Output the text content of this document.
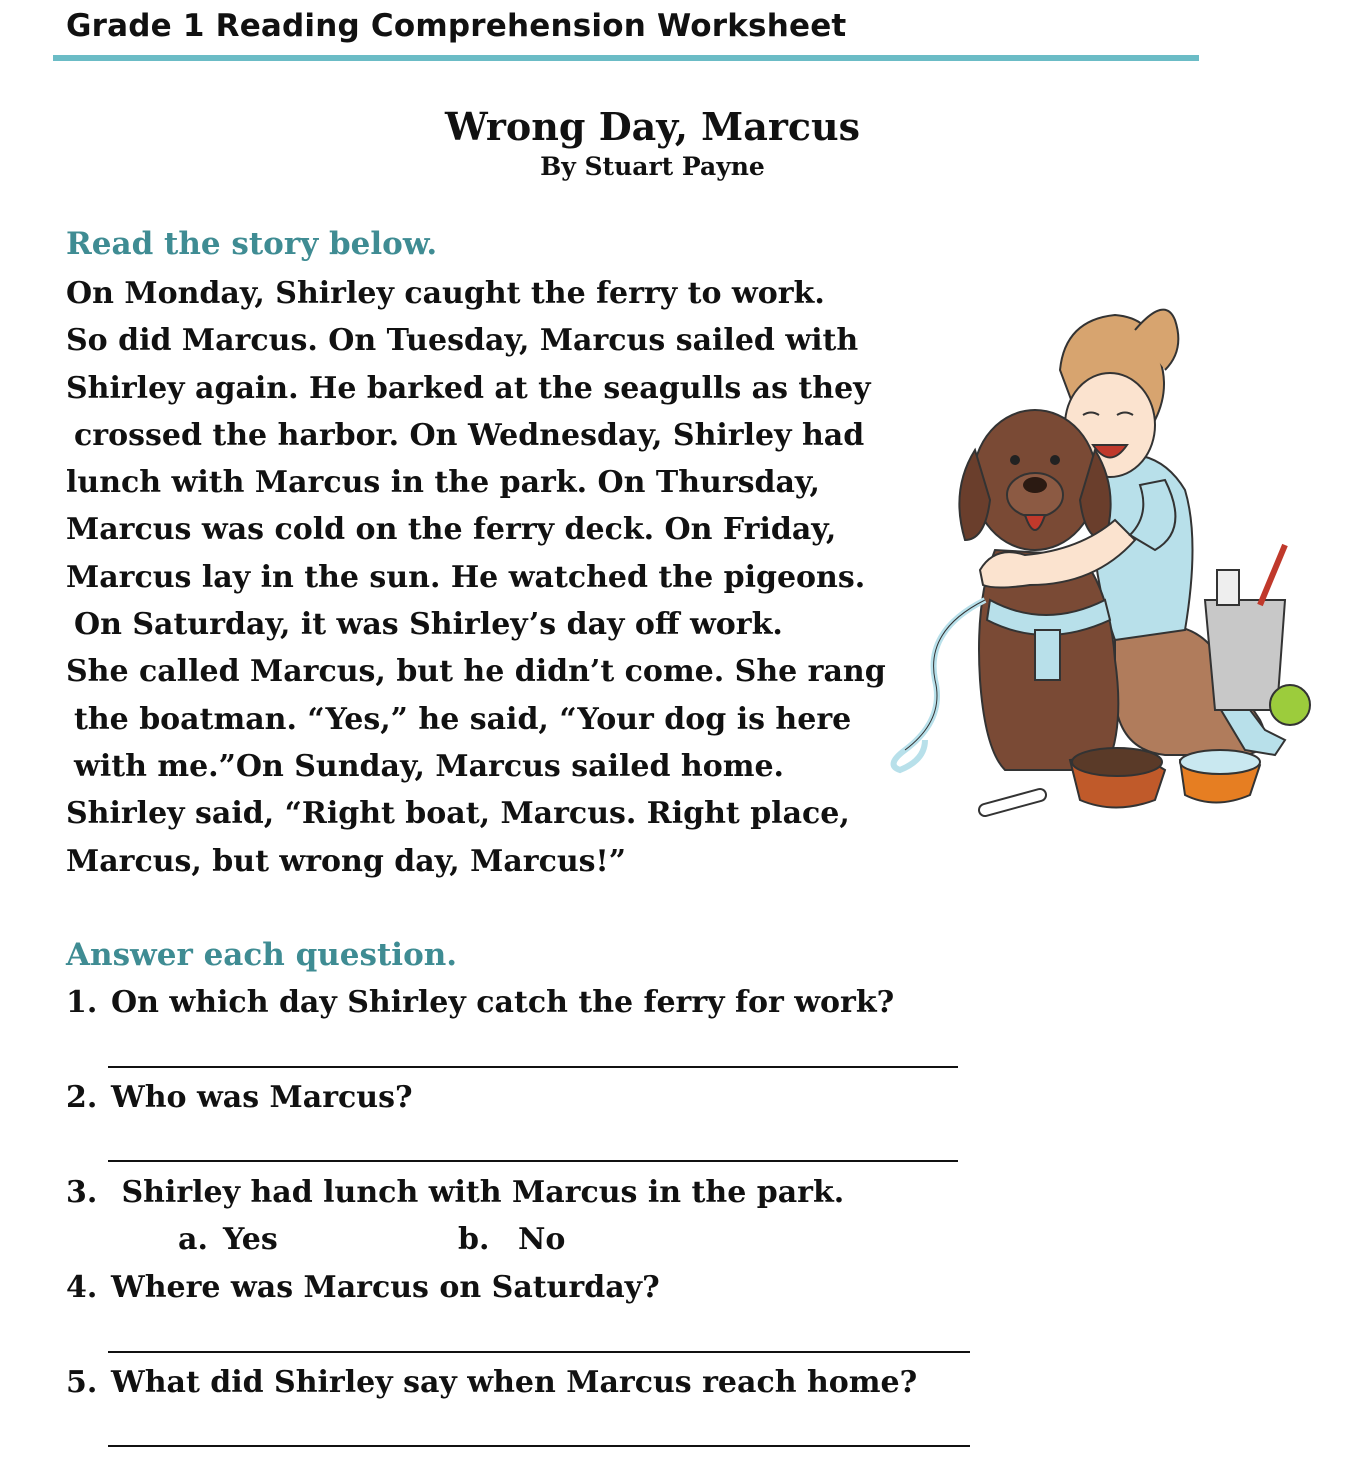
Grade 1 Reading Comprehension Worksheet
Wrong Day, Marcus
By Stuart Payne
Read the story below.
On Monday, Shirley caught the ferry to work.
So did Marcus. On Tuesday, Marcus sailed with
Shirley again. He barked at the seagulls as they
crossed the harbor. On Wednesday, Shirley had
lunch with Marcus in the park. On Thursday,
Marcus was cold on the ferry deck. On Friday,
Marcus lay in the sun. He watched the pigeons.
On Saturday, it was Shirley’s day off work.
She called Marcus, but he didn’t come. She rang
the boatman. “Yes,” he said, “Your dog is here
with me.”On Sunday, Marcus sailed home.
Shirley said, “Right boat, Marcus. Right place,
Marcus, but wrong day, Marcus!”
Answer each question.
1. On which day Shirley catch the ferry for work?
2. Who was Marcus?
3. Shirley had lunch with Marcus in the park.
a. Yes	b. No
4. Where was Marcus on Saturday?
5. What did Shirley say when Marcus reach home?
